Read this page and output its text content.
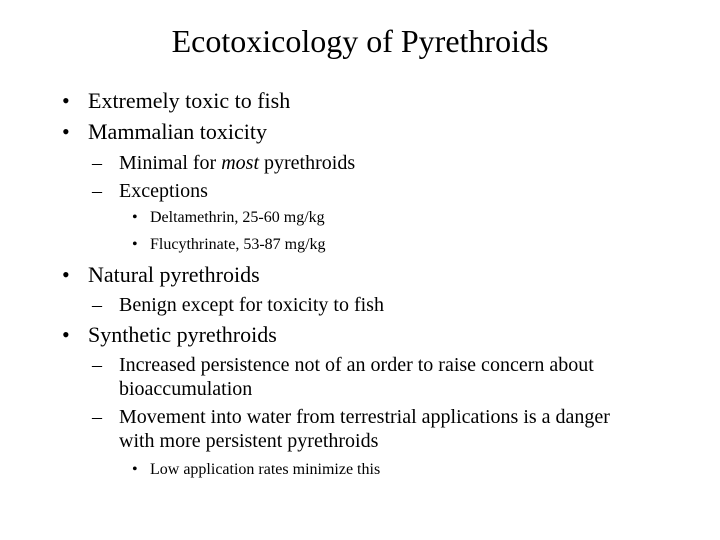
Ecotoxicology of Pyrethroids
• Extremely toxic to fish
• Mammalian toxicity
– Minimal for most pyrethroids
– Exceptions
• Deltamethrin, 25-60 mg/kg
• Flucythrinate, 53-87 mg/kg
• Natural pyrethroids
– Benign except for toxicity to fish
• Synthetic pyrethroids
– Increased persistence not of an order to raise concern about
bioaccumulation
– Movement into water from terrestrial applications is a danger
with more persistent pyrethroids
• Low application rates minimize this
